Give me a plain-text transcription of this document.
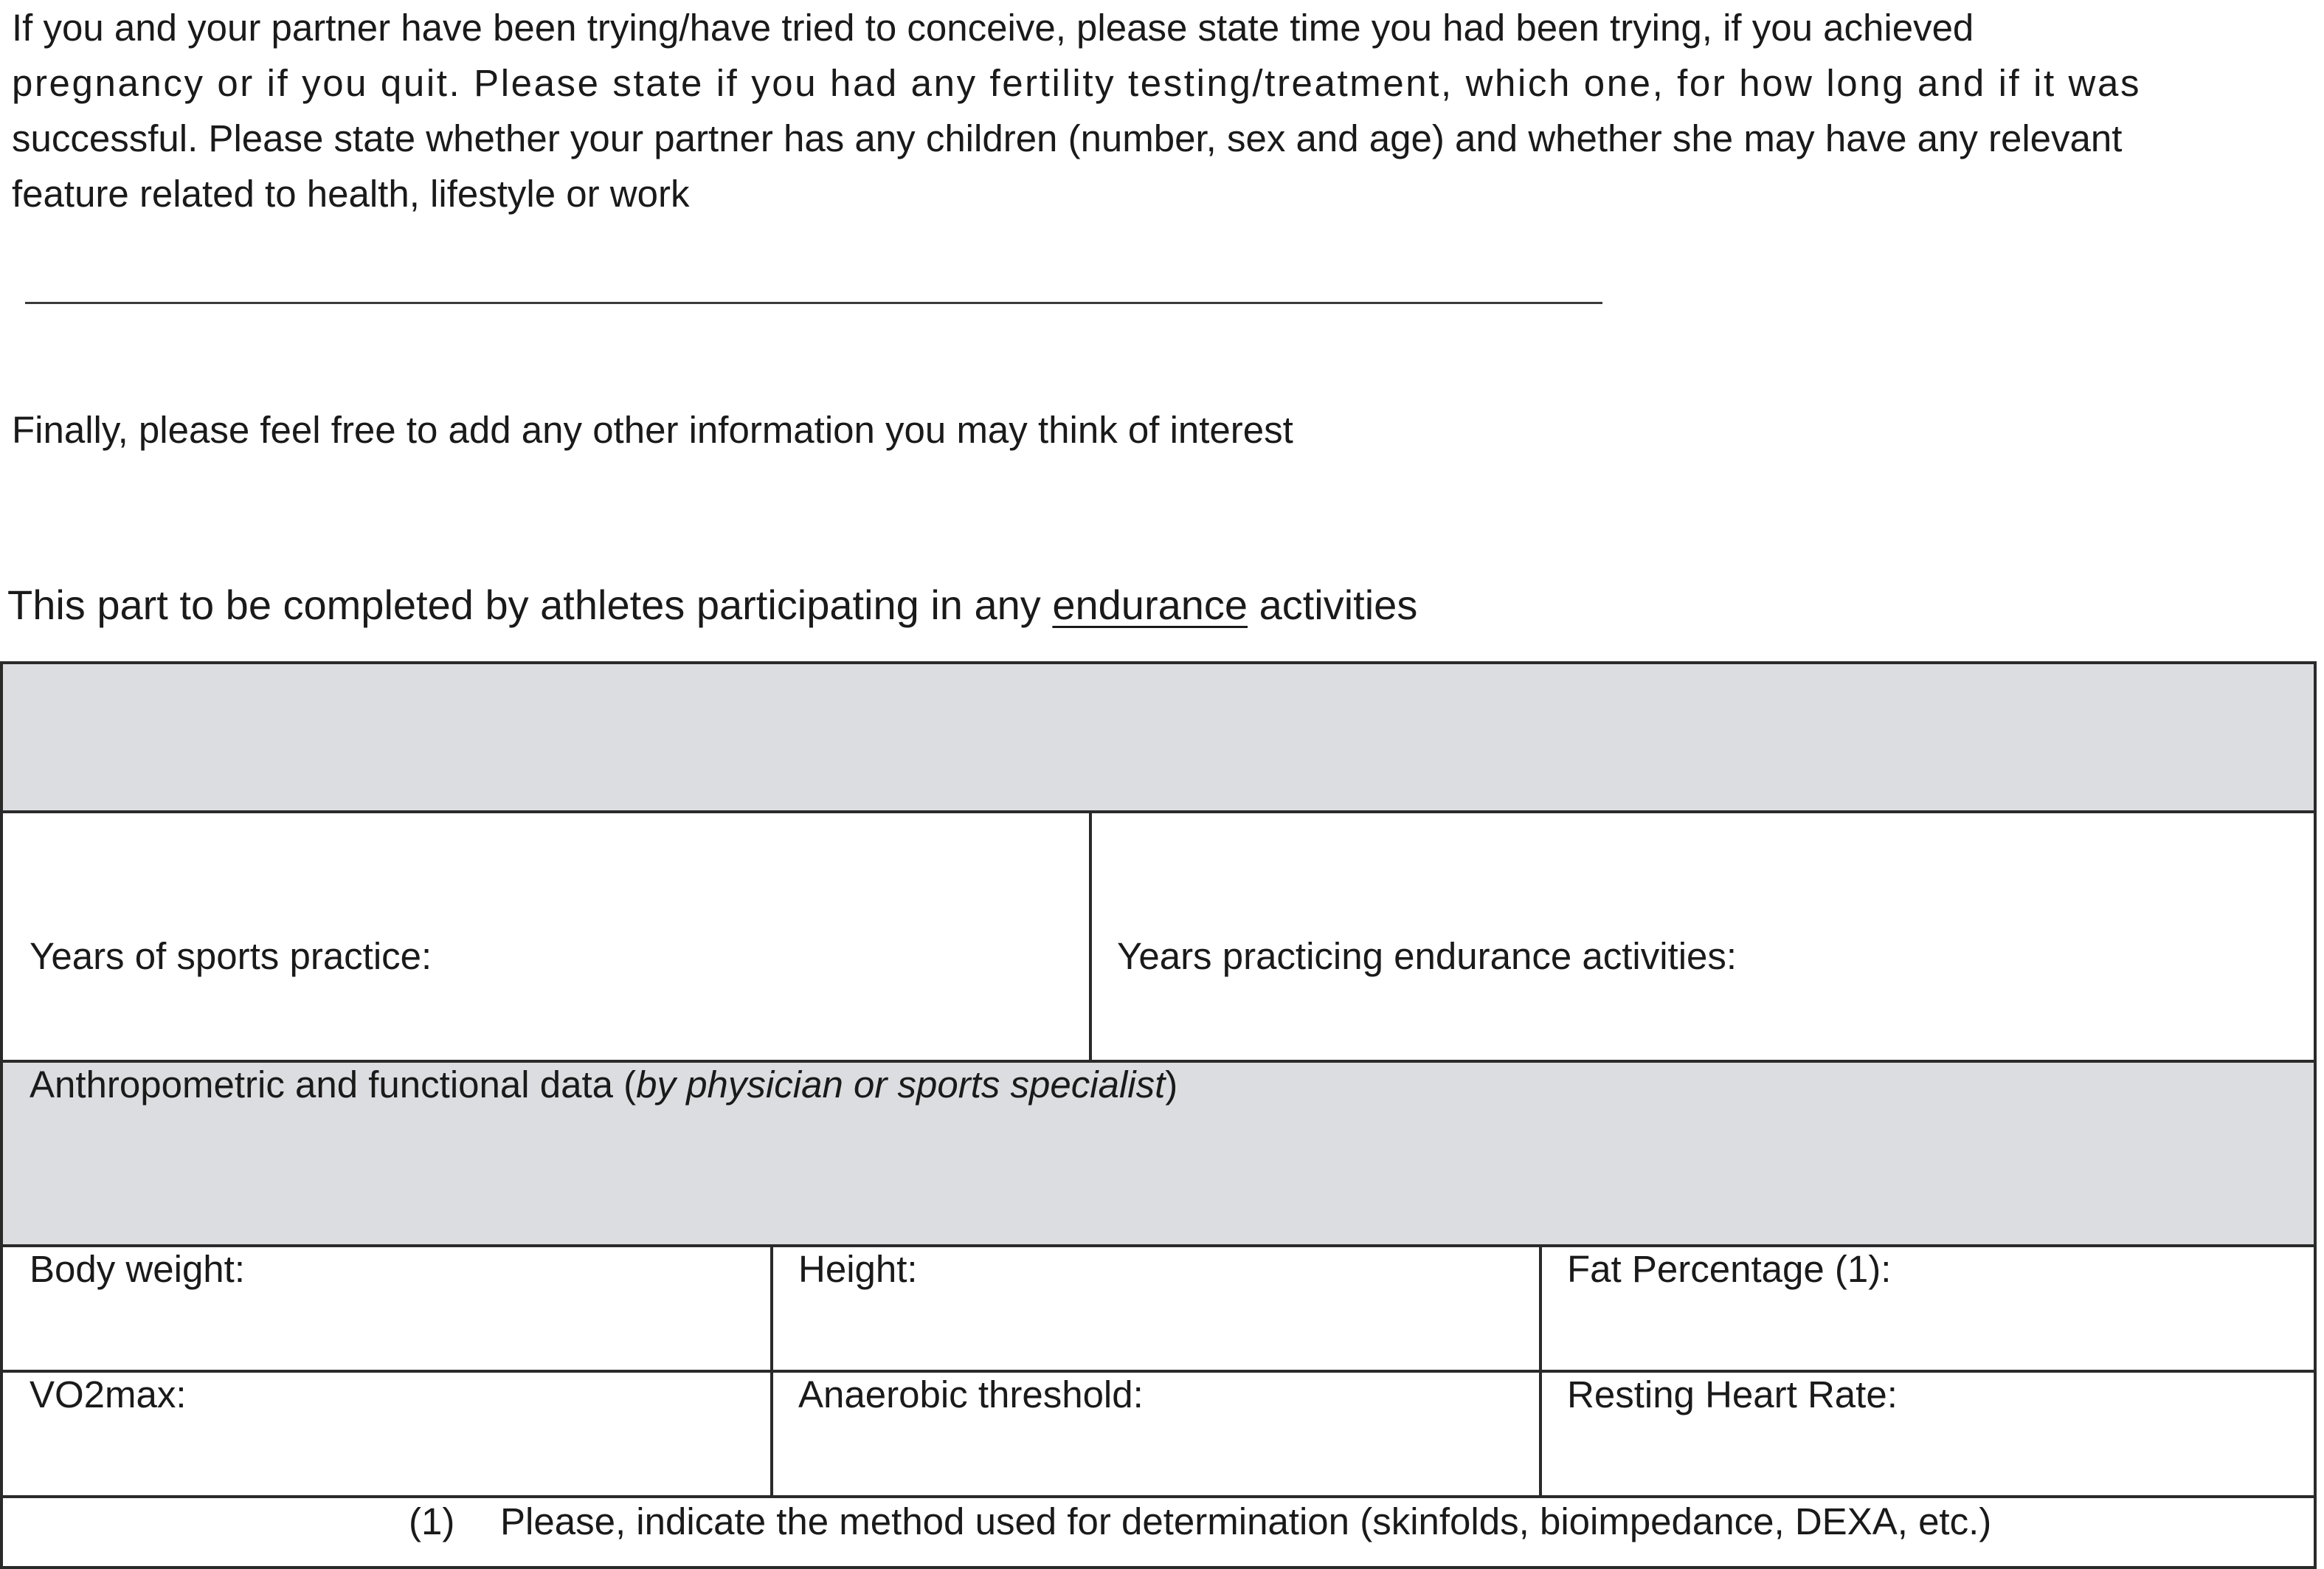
If you and your partner have been trying/have tried to conceive, please state time you had been trying, if you achieved
pregnancy or if you quit. Please state if you had any fertility testing/treatment, which one, for how long and if it was
successful. Please state whether your partner has any children (number, sex and age) and whether she may have any relevant
feature related to health, lifestyle or work
Finally, please feel free to add any other information you may think of interest
This part to be completed by athletes participating in any endurance activities
Years of sports practice:	Years practicing endurance activities:
Anthropometric and functional data (by physician or sports specialist)
Body weight:	Height:	Fat Percentage (1):
VO2max:	Anaerobic threshold:	Resting Heart Rate:
(1) Please, indicate the method used for determination (skinfolds, bioimpedance, DEXA, etc.)
